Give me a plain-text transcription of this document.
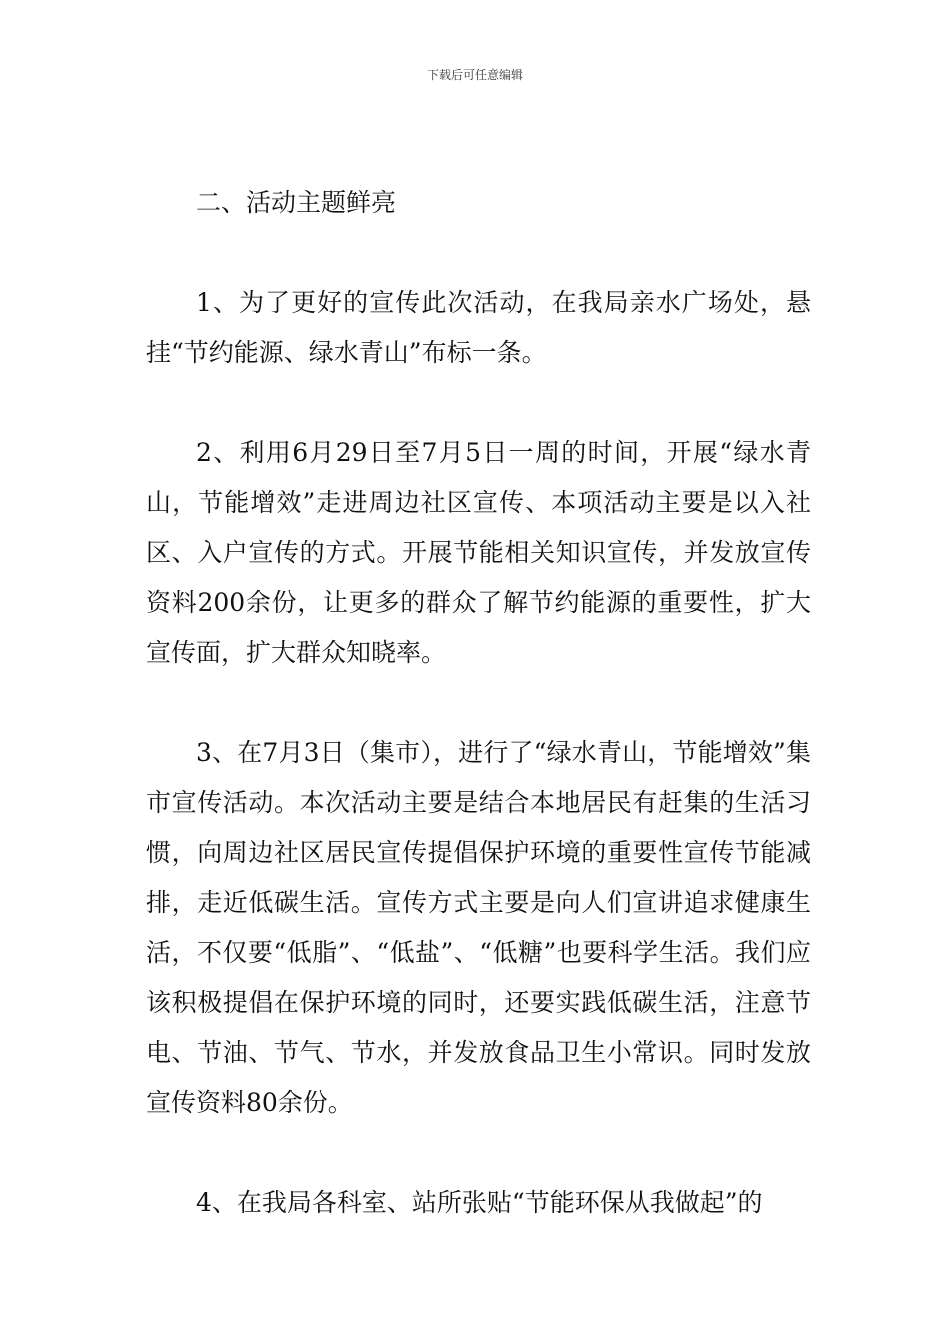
下载后可任意编辑

二、活动主题鲜亮

1、为了更好的宣传此次活动，在我局亲水广场处，悬挂“节约能源、绿水青山”布标一条。

2、利用6月29日至7月5日一周的时间，开展“绿水青山，节能增效”走进周边社区宣传、本项活动主要是以入社区、入户宣传的方式。开展节能相关知识宣传，并发放宣传资料200余份，让更多的群众了解节约能源的重要性，扩大宣传面，扩大群众知晓率。

3、在7月3日（集市），进行了“绿水青山，节能增效”集市宣传活动。本次活动主要是结合本地居民有赶集的生活习惯，向周边社区居民宣传提倡保护环境的重要性宣传节能减排，走近低碳生活。宣传方式主要是向人们宣讲追求健康生活，不仅要“低脂”、“低盐”、“低糖”也要科学生活。我们应该积极提倡在保护环境的同时，还要实践低碳生活，注意节电、节油、节气、节水，并发放食品卫生小常识。同时发放宣传资料80余份。

4、在我局各科室、站所张贴“节能环保从我做起”的
